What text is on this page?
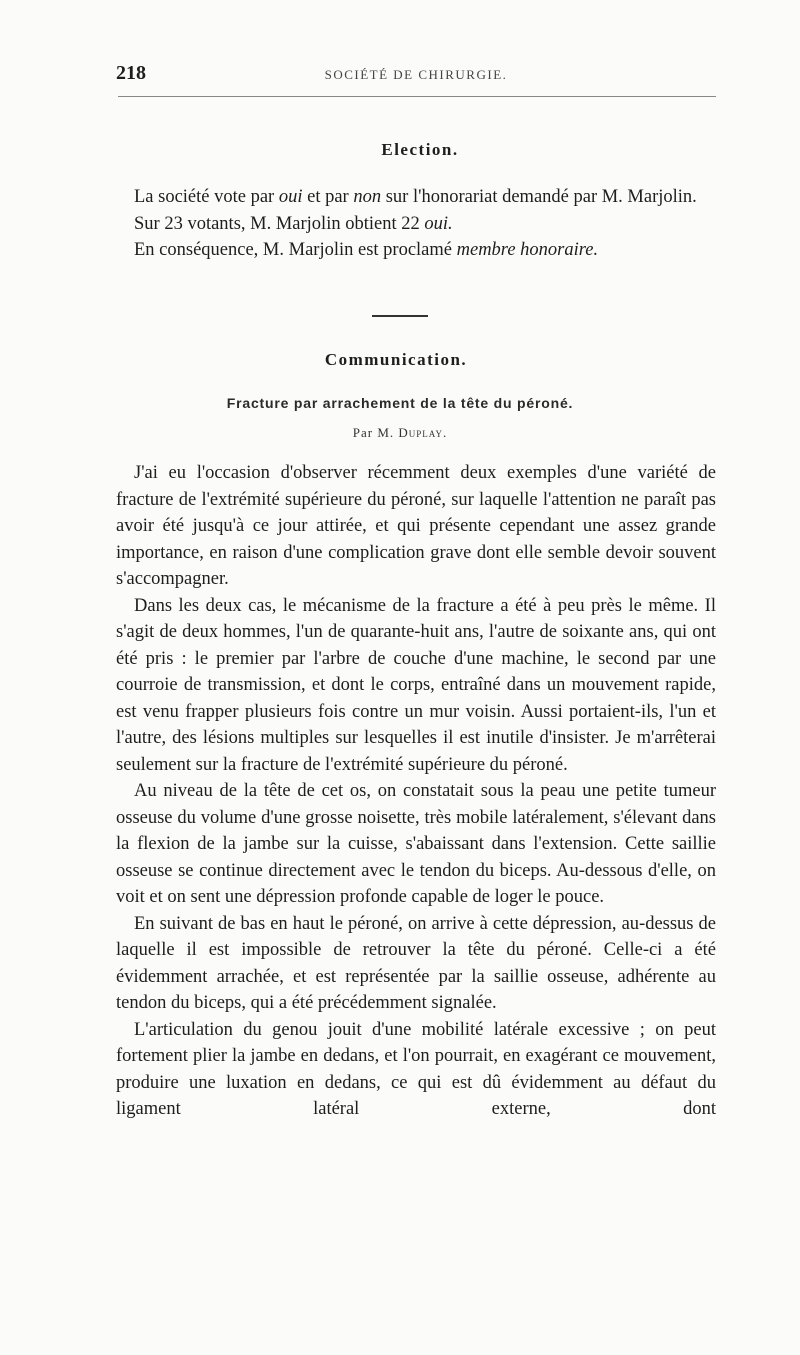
218	SOCIÉTÉ DE CHIRURGIE.
Election.

La société vote par oui et par non sur l'honorariat demandé par M. Marjolin.

Sur 23 votants, M. Marjolin obtient 22 oui.

En conséquence, M. Marjolin est proclamé membre honoraire.

Communication.
Fracture par arrachement de la tête du péroné.
Par M. Duplay.

J'ai eu l'occasion d'observer récemment deux exemples d'une variété de fracture de l'extrémité supérieure du péroné, sur laquelle l'attention ne paraît pas avoir été jusqu'à ce jour attirée, et qui présente cependant une assez grande importance, en raison d'une complication grave dont elle semble devoir souvent s'accompagner.

Dans les deux cas, le mécanisme de la fracture a été à peu près le même. Il s'agit de deux hommes, l'un de quarante-huit ans, l'autre de soixante ans, qui ont été pris : le premier par l'arbre de couche d'une machine, le second par une courroie de transmission, et dont le corps, entraîné dans un mouvement rapide, est venu frapper plusieurs fois contre un mur voisin. Aussi portaient-ils, l'un et l'autre, des lésions multiples sur lesquelles il est inutile d'insister. Je m'arrêterai seulement sur la fracture de l'extrémité supérieure du péroné.

Au niveau de la tête de cet os, on constatait sous la peau une petite tumeur osseuse du volume d'une grosse noisette, très mobile latéralement, s'élevant dans la flexion de la jambe sur la cuisse, s'abaissant dans l'extension. Cette saillie osseuse se continue directement avec le tendon du biceps. Au-dessous d'elle, on voit et on sent une dépression profonde capable de loger le pouce.

En suivant de bas en haut le péroné, on arrive à cette dépression, au-dessus de laquelle il est impossible de retrouver la tête du péroné. Celle-ci a été évidemment arrachée, et est représentée par la saillie osseuse, adhérente au tendon du biceps, qui a été précédemment signalée.

L'articulation du genou jouit d'une mobilité latérale excessive ; on peut fortement plier la jambe en dedans, et l'on pourrait, en exagérant ce mouvement, produire une luxation en dedans, ce qui est dû évidemment au défaut du ligament latéral externe, dont
